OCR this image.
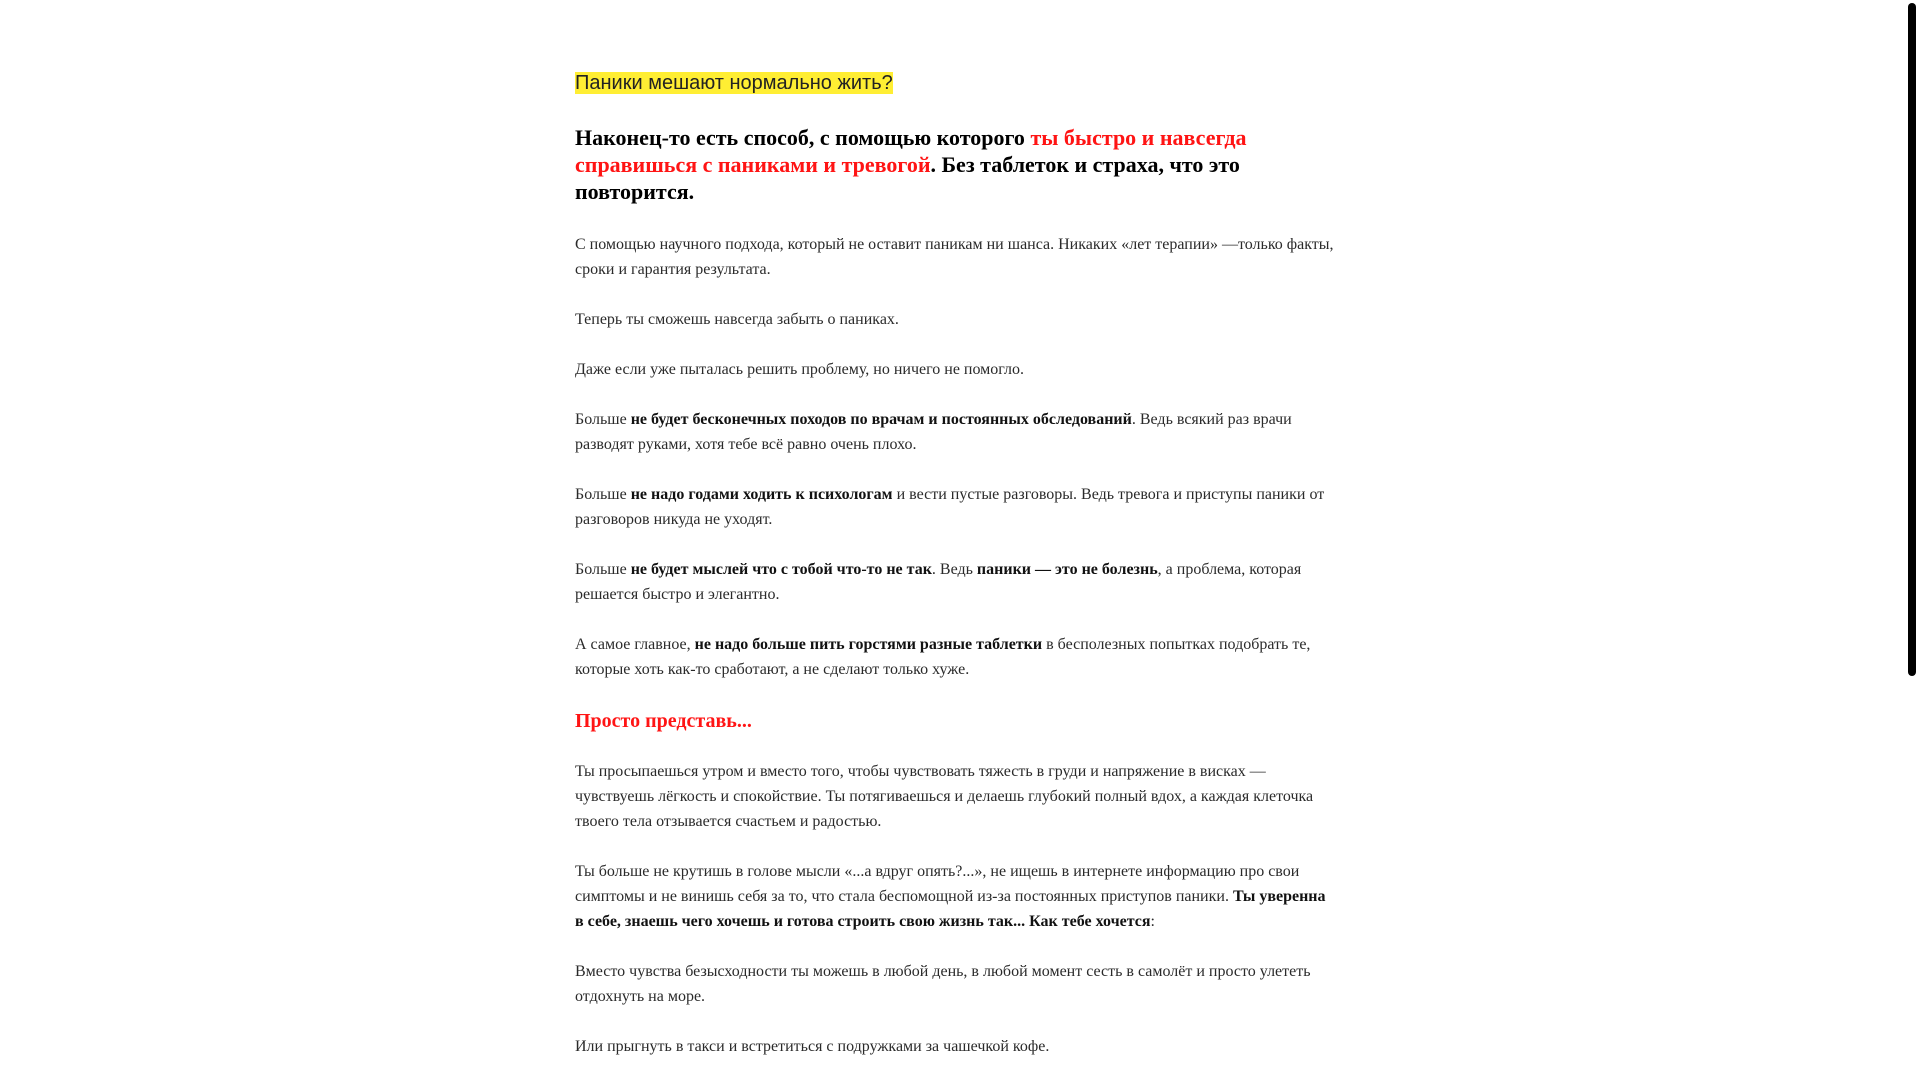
Паники мешают нормально жить?

Наконец-то есть способ, с помощью которого ты быстро и навсегда справишься с паниками и тревогой. Без таблеток и страха, что это повторится.

С помощью научного подхода, который не оставит паникам ни шанса. Никаких «лет терапии» —только факты, сроки и гарантия результата.

Теперь ты сможешь навсегда забыть о паниках.

Даже если уже пыталась решить проблему, но ничего не помогло.

Больше не будет бесконечных походов по врачам и постоянных обследований. Ведь всякий раз врачи разводят руками, хотя тебе всё равно очень плохо.

Больше не надо годами ходить к психологам и вести пустые разговоры. Ведь тревога и приступы паники от разговоров никуда не уходят.

Больше не будет мыслей что с тобой что-то не так. Ведь паники — это не болезнь, а проблема, которая решается быстро и элегантно.

А самое главное, не надо больше пить горстями разные таблетки в бесполезных попытках подобрать те, которые хоть как-то сработают, а не сделают только хуже.

Просто представь...

Ты просыпаешься утром и вместо того, чтобы чувствовать тяжесть в груди и напряжение в висках — чувствуешь лёгкость и спокойствие. Ты потягиваешься и делаешь глубокий полный вдох, а каждая клеточка твоего тела отзывается счастьем и радостью.

Ты больше не крутишь в голове мысли «...а вдруг опять?...», не ищешь в интернете информацию про свои симптомы и не винишь себя за то, что стала беспомощной из-за постоянных приступов паники. Ты уверенна в себе, знаешь чего хочешь и готова строить свою жизнь так... Как тебе хочется:

Вместо чувства безысходности ты можешь в любой день, в любой момент сесть в самолёт и просто улететь отдохнуть на море.

Или прыгнуть в такси и встретиться с подружками за чашечкой кофе.
